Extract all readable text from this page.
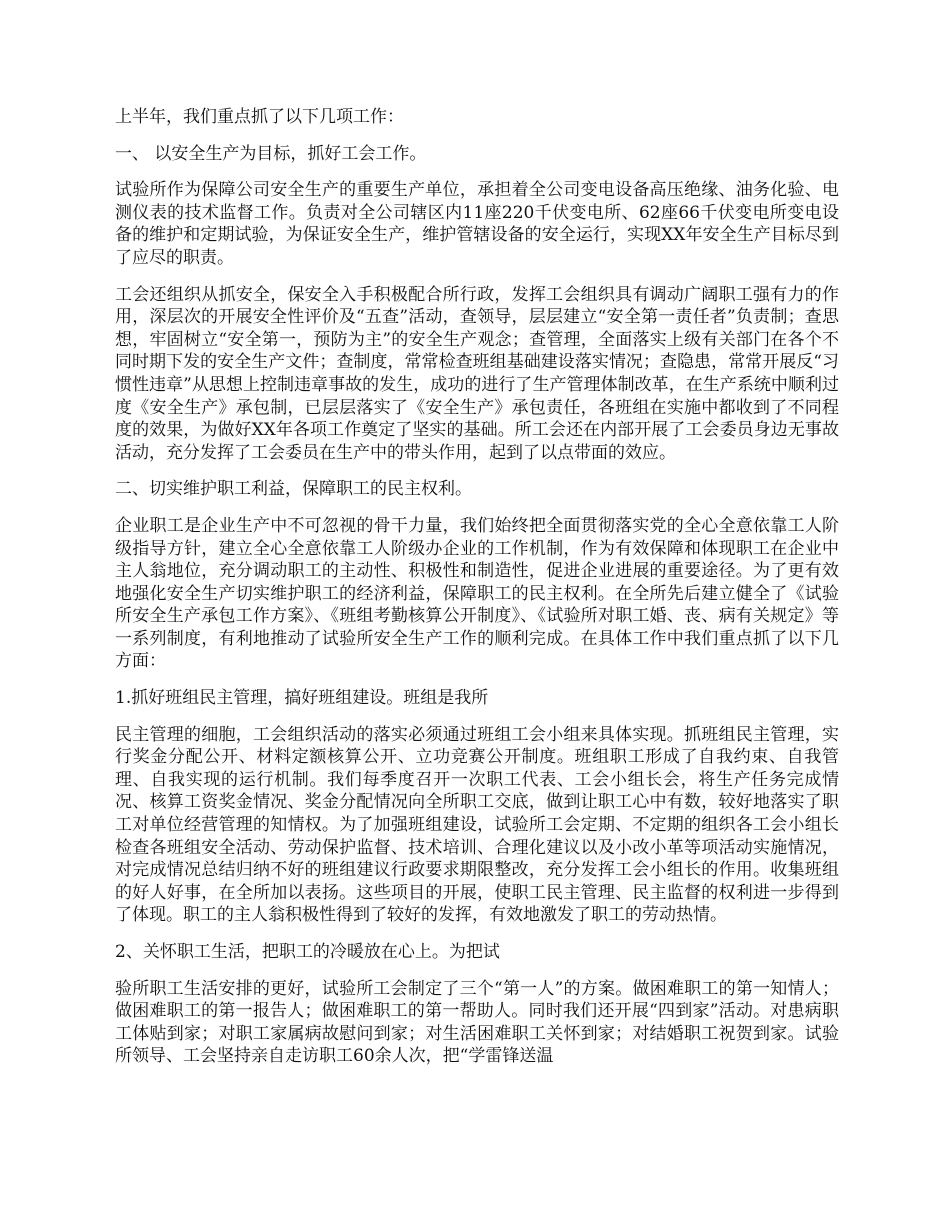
上半年，我们重点抓了以下几项工作：

一、 以安全生产为目标，抓好工会工作。

试验所作为保障公司安全生产的重要生产单位，承担着全公司变电设备高压绝缘、油务化验、电测仪表的技术监督工作。负责对全公司辖区内11座220千伏变电所、62座66千伏变电所变电设备的维护和定期试验，为保证安全生产，维护管辖设备的安全运行，实现XX年安全生产目标尽到了应尽的职责。

工会还组织从抓安全，保安全入手积极配合所行政，发挥工会组织具有调动广阔职工强有力的作用，深层次的开展安全性评价及“五查”活动，查领导，层层建立“安全第一责任者”负责制；查思想，牢固树立“安全第一，预防为主”的安全生产观念；查管理，全面落实上级有关部门在各个不同时期下发的安全生产文件；查制度，常常检查班组基础建设落实情况；查隐患，常常开展反“习惯性违章”从思想上控制违章事故的发生，成功的进行了生产管理体制改革，在生产系统中顺利过度《安全生产》承包制，已层层落实了《安全生产》承包责任，各班组在实施中都收到了不同程度的效果，为做好XX年各项工作奠定了坚实的基础。所工会还在内部开展了工会委员身边无事故活动，充分发挥了工会委员在生产中的带头作用，起到了以点带面的效应。

二、切实维护职工利益，保障职工的民主权利。

企业职工是企业生产中不可忽视的骨干力量，我们始终把全面贯彻落实党的全心全意依靠工人阶级指导方针，建立全心全意依靠工人阶级办企业的工作机制，作为有效保障和体现职工在企业中主人翁地位，充分调动职工的主动性、积极性和制造性，促进企业进展的重要途径。为了更有效地强化安全生产切实维护职工的经济利益，保障职工的民主权利。在全所先后建立健全了《试验所安全生产承包工作方案》、《班组考勤核算公开制度》、《试验所对职工婚、丧、病有关规定》等一系列制度，有利地推动了试验所安全生产工作的顺利完成。在具体工作中我们重点抓了以下几方面：

1.抓好班组民主管理，搞好班组建设。班组是我所

民主管理的细胞，工会组织活动的落实必须通过班组工会小组来具体实现。抓班组民主管理，实行奖金分配公开、材料定额核算公开、立功竞赛公开制度。班组职工形成了自我约束、自我管理、自我实现的运行机制。我们每季度召开一次职工代表、工会小组长会，将生产任务完成情况、核算工资奖金情况、奖金分配情况向全所职工交底，做到让职工心中有数，较好地落实了职工对单位经营管理的知情权。为了加强班组建设，试验所工会定期、不定期的组织各工会小组长检查各班组安全活动、劳动保护监督、技术培训、合理化建议以及小改小革等项活动实施情况，对完成情况总结归纳不好的班组建议行政要求期限整改，充分发挥工会小组长的作用。收集班组的好人好事，在全所加以表扬。这些项目的开展，使职工民主管理、民主监督的权利进一步得到了体现。职工的主人翁积极性得到了较好的发挥，有效地激发了职工的劳动热情。

2、关怀职工生活，把职工的冷暖放在心上。为把试

验所职工生活安排的更好，试验所工会制定了三个“第一人”的方案。做困难职工的第一知情人；做困难职工的第一报告人；做困难职工的第一帮助人。同时我们还开展“四到家”活动。对患病职工体贴到家；对职工家属病故慰问到家；对生活困难职工关怀到家；对结婚职工祝贺到家。试验所领导、工会坚持亲自走访职工60余人次，把“学雷锋送温
